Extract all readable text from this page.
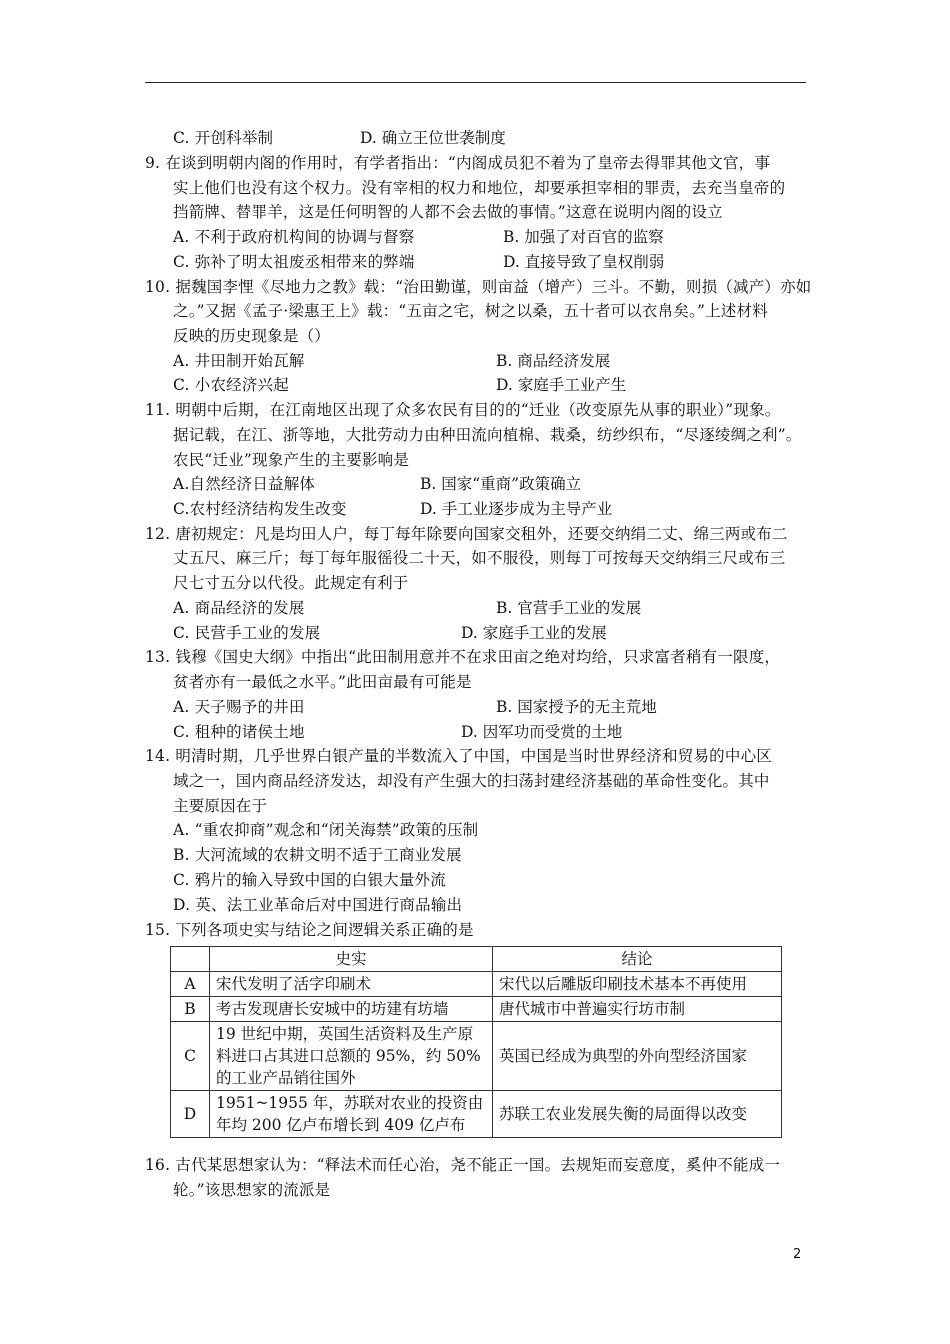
C. 开创科举制	D. 确立王位世袭制度
9. 在谈到明朝内阁的作用时，有学者指出：“内阁成员犯不着为了皇帝去得罪其他文官，事
实上他们也没有这个权力。没有宰相的权力和地位，却要承担宰相的罪责，去充当皇帝的
挡箭牌、替罪羊，这是任何明智的人都不会去做的事情。”这意在说明内阁的设立
A. 不利于政府机构间的协调与督察	B. 加强了对百官的监察
C. 弥补了明太祖废丞相带来的弊端	D. 直接导致了皇权削弱
10. 据魏国李悝《尽地力之教》载：“治田勤谨，则亩益（增产）三斗。不勤，则损（减产）亦如
之。”又据《孟子·梁惠王上》载：“五亩之宅，树之以桑，五十者可以衣帛矣。”上述材料
反映的历史现象是（）
A. 井田制开始瓦解	B. 商品经济发展
C. 小农经济兴起	D. 家庭手工业产生
11. 明朝中后期，在江南地区出现了众多农民有目的的“迁业（改变原先从事的职业）”现象。
据记载，在江、浙等地，大批劳动力由种田流向植棉、栽桑，纺纱织布，“尽逐绫绸之利”。
农民“迁业”现象产生的主要影响是
A.自然经济日益解体	B. 国家“重商”政策确立
C.农村经济结构发生改变	D. 手工业逐步成为主导产业
12. 唐初规定：凡是均田人户，每丁每年除要向国家交租外，还要交纳绢二丈、绵三两或布二
丈五尺、麻三斤；每丁每年服徭役二十天，如不服役，则每丁可按每天交纳绢三尺或布三
尺七寸五分以代役。此规定有利于
A. 商品经济的发展	B. 官营手工业的发展
C. 民营手工业的发展	D. 家庭手工业的发展
13. 钱穆《国史大纲》中指出“此田制用意并不在求田亩之绝对均给，只求富者稍有一限度，
贫者亦有一最低之水平。”此田亩最有可能是
A. 天子赐予的井田	B. 国家授予的无主荒地
C. 租种的诸侯土地	D. 因军功而受赏的土地
14. 明清时期，几乎世界白银产量的半数流入了中国，中国是当时世界经济和贸易的中心区
域之一，国内商品经济发达，却没有产生强大的扫荡封建经济基础的革命性变化。其中
主要原因在于
A. “重农抑商”观念和“闭关海禁”政策的压制
B. 大河流域的农耕文明不适于工商业发展
C. 鸦片的输入导致中国的白银大量外流
D. 英、法工业革命后对中国进行商品输出
15. 下列各项史实与结论之间逻辑关系正确的是
	史实	结论
A	宋代发明了活字印刷术	宋代以后雕版印刷技术基本不再使用
B	考古发现唐长安城中的坊建有坊墙	唐代城市中普遍实行坊市制
C	19 世纪中期，英国生活资料及生产原
料进口占其进口总额的 95%，约 50%
的工业产品销往国外	英国已经成为典型的外向型经济国家
D	1951~1955 年，苏联对农业的投资由
年均 200 亿卢布增长到 409 亿卢布	苏联工农业发展失衡的局面得以改变
16. 古代某思想家认为：“释法术而任心治，尧不能正一国。去规矩而妄意度，奚仲不能成一
轮。”该思想家的流派是
2
